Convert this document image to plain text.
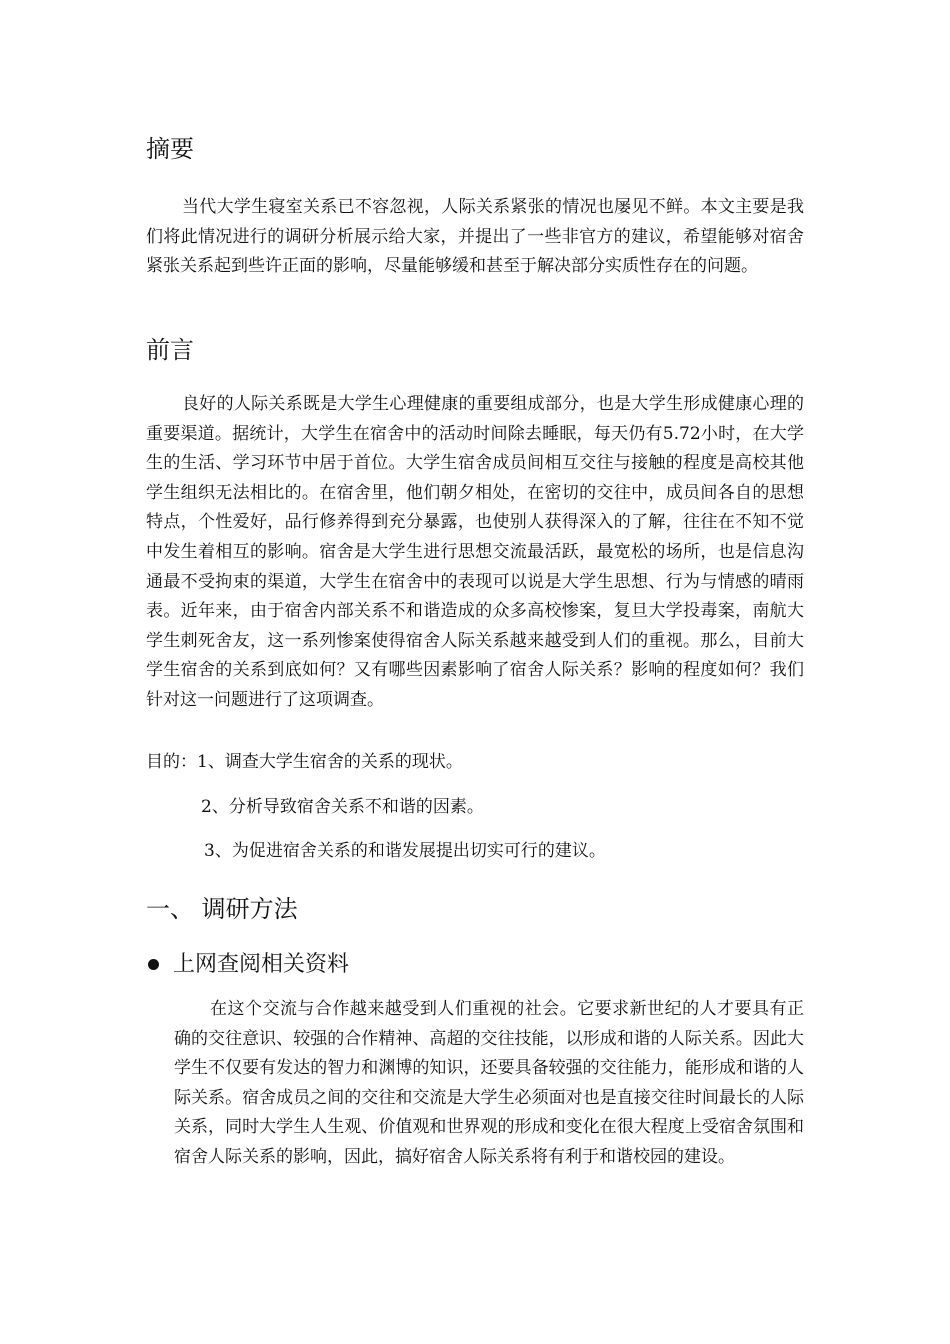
摘要

当代大学生寝室关系已不容忽视，人际关系紧张的情况也屡见不鲜。本文主要是我们将此情况进行的调研分析展示给大家，并提出了一些非官方的建议，希望能够对宿舍紧张关系起到些许正面的影响，尽量能够缓和甚至于解决部分实质性存在的问题。

前言

良好的人际关系既是大学生心理健康的重要组成部分，也是大学生形成健康心理的重要渠道。据统计，大学生在宿舍中的活动时间除去睡眠，每天仍有5.72小时，在大学生的生活、学习环节中居于首位。大学生宿舍成员间相互交往与接触的程度是高校其他学生组织无法相比的。在宿舍里，他们朝夕相处，在密切的交往中，成员间各自的思想特点，个性爱好，品行修养得到充分暴露，也使别人获得深入的了解，往往在不知不觉中发生着相互的影响。宿舍是大学生进行思想交流最活跃，最宽松的场所，也是信息沟通最不受拘束的渠道，大学生在宿舍中的表现可以说是大学生思想、行为与情感的晴雨表。近年来，由于宿舍内部关系不和谐造成的众多高校惨案，复旦大学投毒案，南航大学生刺死舍友，这一系列惨案使得宿舍人际关系越来越受到人们的重视。那么，目前大学生宿舍的关系到底如何？又有哪些因素影响了宿舍人际关系？影响的程度如何？我们针对这一问题进行了这项调查。

目的：1、调查大学生宿舍的关系的现状。

2、分析导致宿舍关系不和谐的因素。

3、为促进宿舍关系的和谐发展提出切实可行的建议。

一、 调研方法
上网查阅相关资料

在这个交流与合作越来越受到人们重视的社会。它要求新世纪的人才要具有正确的交往意识、较强的合作精神、高超的交往技能，以形成和谐的人际关系。因此大学生不仅要有发达的智力和渊博的知识，还要具备较强的交往能力，能形成和谐的人际关系。宿舍成员之间的交往和交流是大学生必须面对也是直接交往时间最长的人际关系，同时大学生人生观、价值观和世界观的形成和变化在很大程度上受宿舍氛围和宿舍人际关系的影响，因此，搞好宿舍人际关系将有利于和谐校园的建设。
